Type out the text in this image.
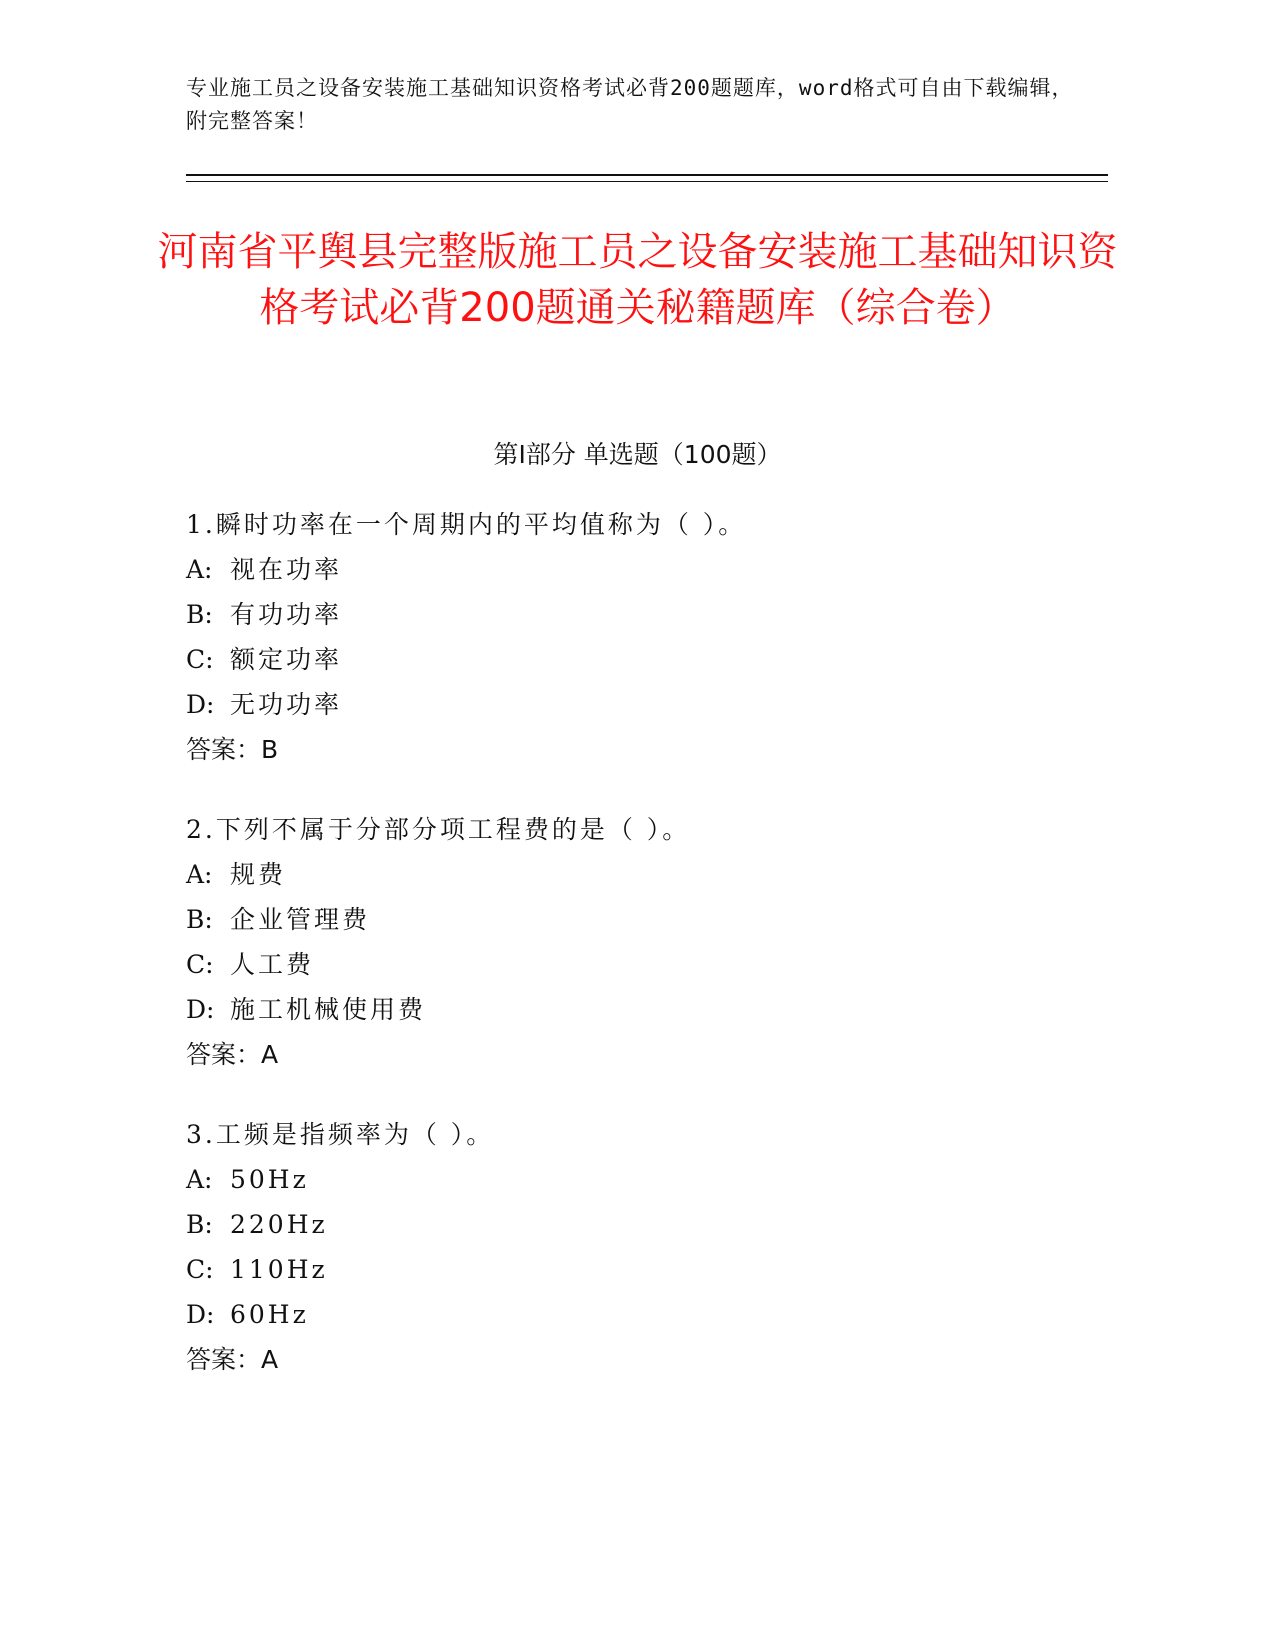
专业施工员之设备安装施工基础知识资格考试必背200题题库，word格式可自由下载编辑，附完整答案！
河南省平舆县完整版施工员之设备安装施工基础知识资格考试必背200题通关秘籍题库（综合卷）
第I部分 单选题（100题）
1.瞬时功率在一个周期内的平均值称为（ ）。
A: 视在功率
B: 有功功率
C: 额定功率
D: 无功功率
答案：B
2.下列不属于分部分项工程费的是（ ）。
A: 规费
B: 企业管理费
C: 人工费
D: 施工机械使用费
答案：A
3.工频是指频率为（ ）。
A: 50Hz
B: 220Hz
C: 110Hz
D: 60Hz
答案：A
